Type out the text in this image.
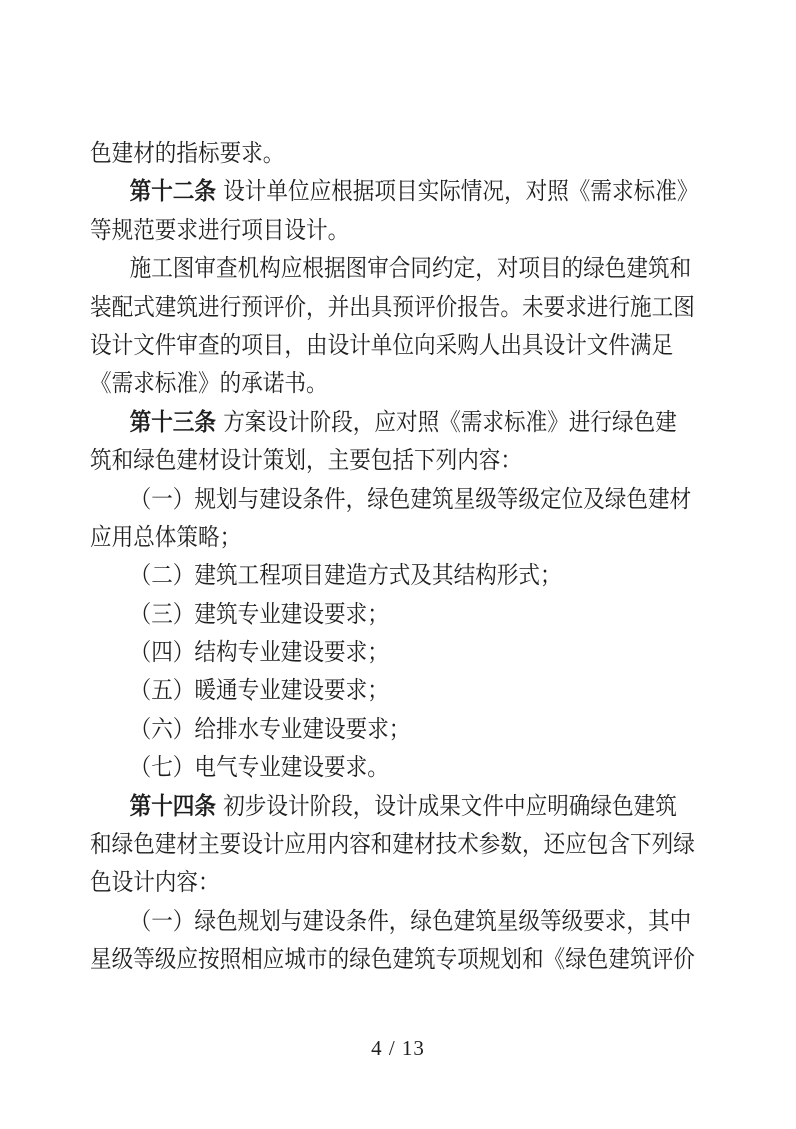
色建材的指标要求。
第十二条 设计单位应根据项目实际情况，对照《需求标准》
等规范要求进行项目设计。
施工图审查机构应根据图审合同约定，对项目的绿色建筑和
装配式建筑进行预评价，并出具预评价报告。未要求进行施工图
设计文件审查的项目，由设计单位向采购人出具设计文件满足
《需求标准》的承诺书。
第十三条 方案设计阶段，应对照《需求标准》进行绿色建
筑和绿色建材设计策划，主要包括下列内容：
（一）规划与建设条件，绿色建筑星级等级定位及绿色建材
应用总体策略；
（二）建筑工程项目建造方式及其结构形式；
（三）建筑专业建设要求；
（四）结构专业建设要求；
（五）暖通专业建设要求；
（六）给排水专业建设要求；
（七）电气专业建设要求。
第十四条 初步设计阶段，设计成果文件中应明确绿色建筑
和绿色建材主要设计应用内容和建材技术参数，还应包含下列绿
色设计内容：
（一）绿色规划与建设条件，绿色建筑星级等级要求，其中
星级等级应按照相应城市的绿色建筑专项规划和《绿色建筑评价
4 / 13
